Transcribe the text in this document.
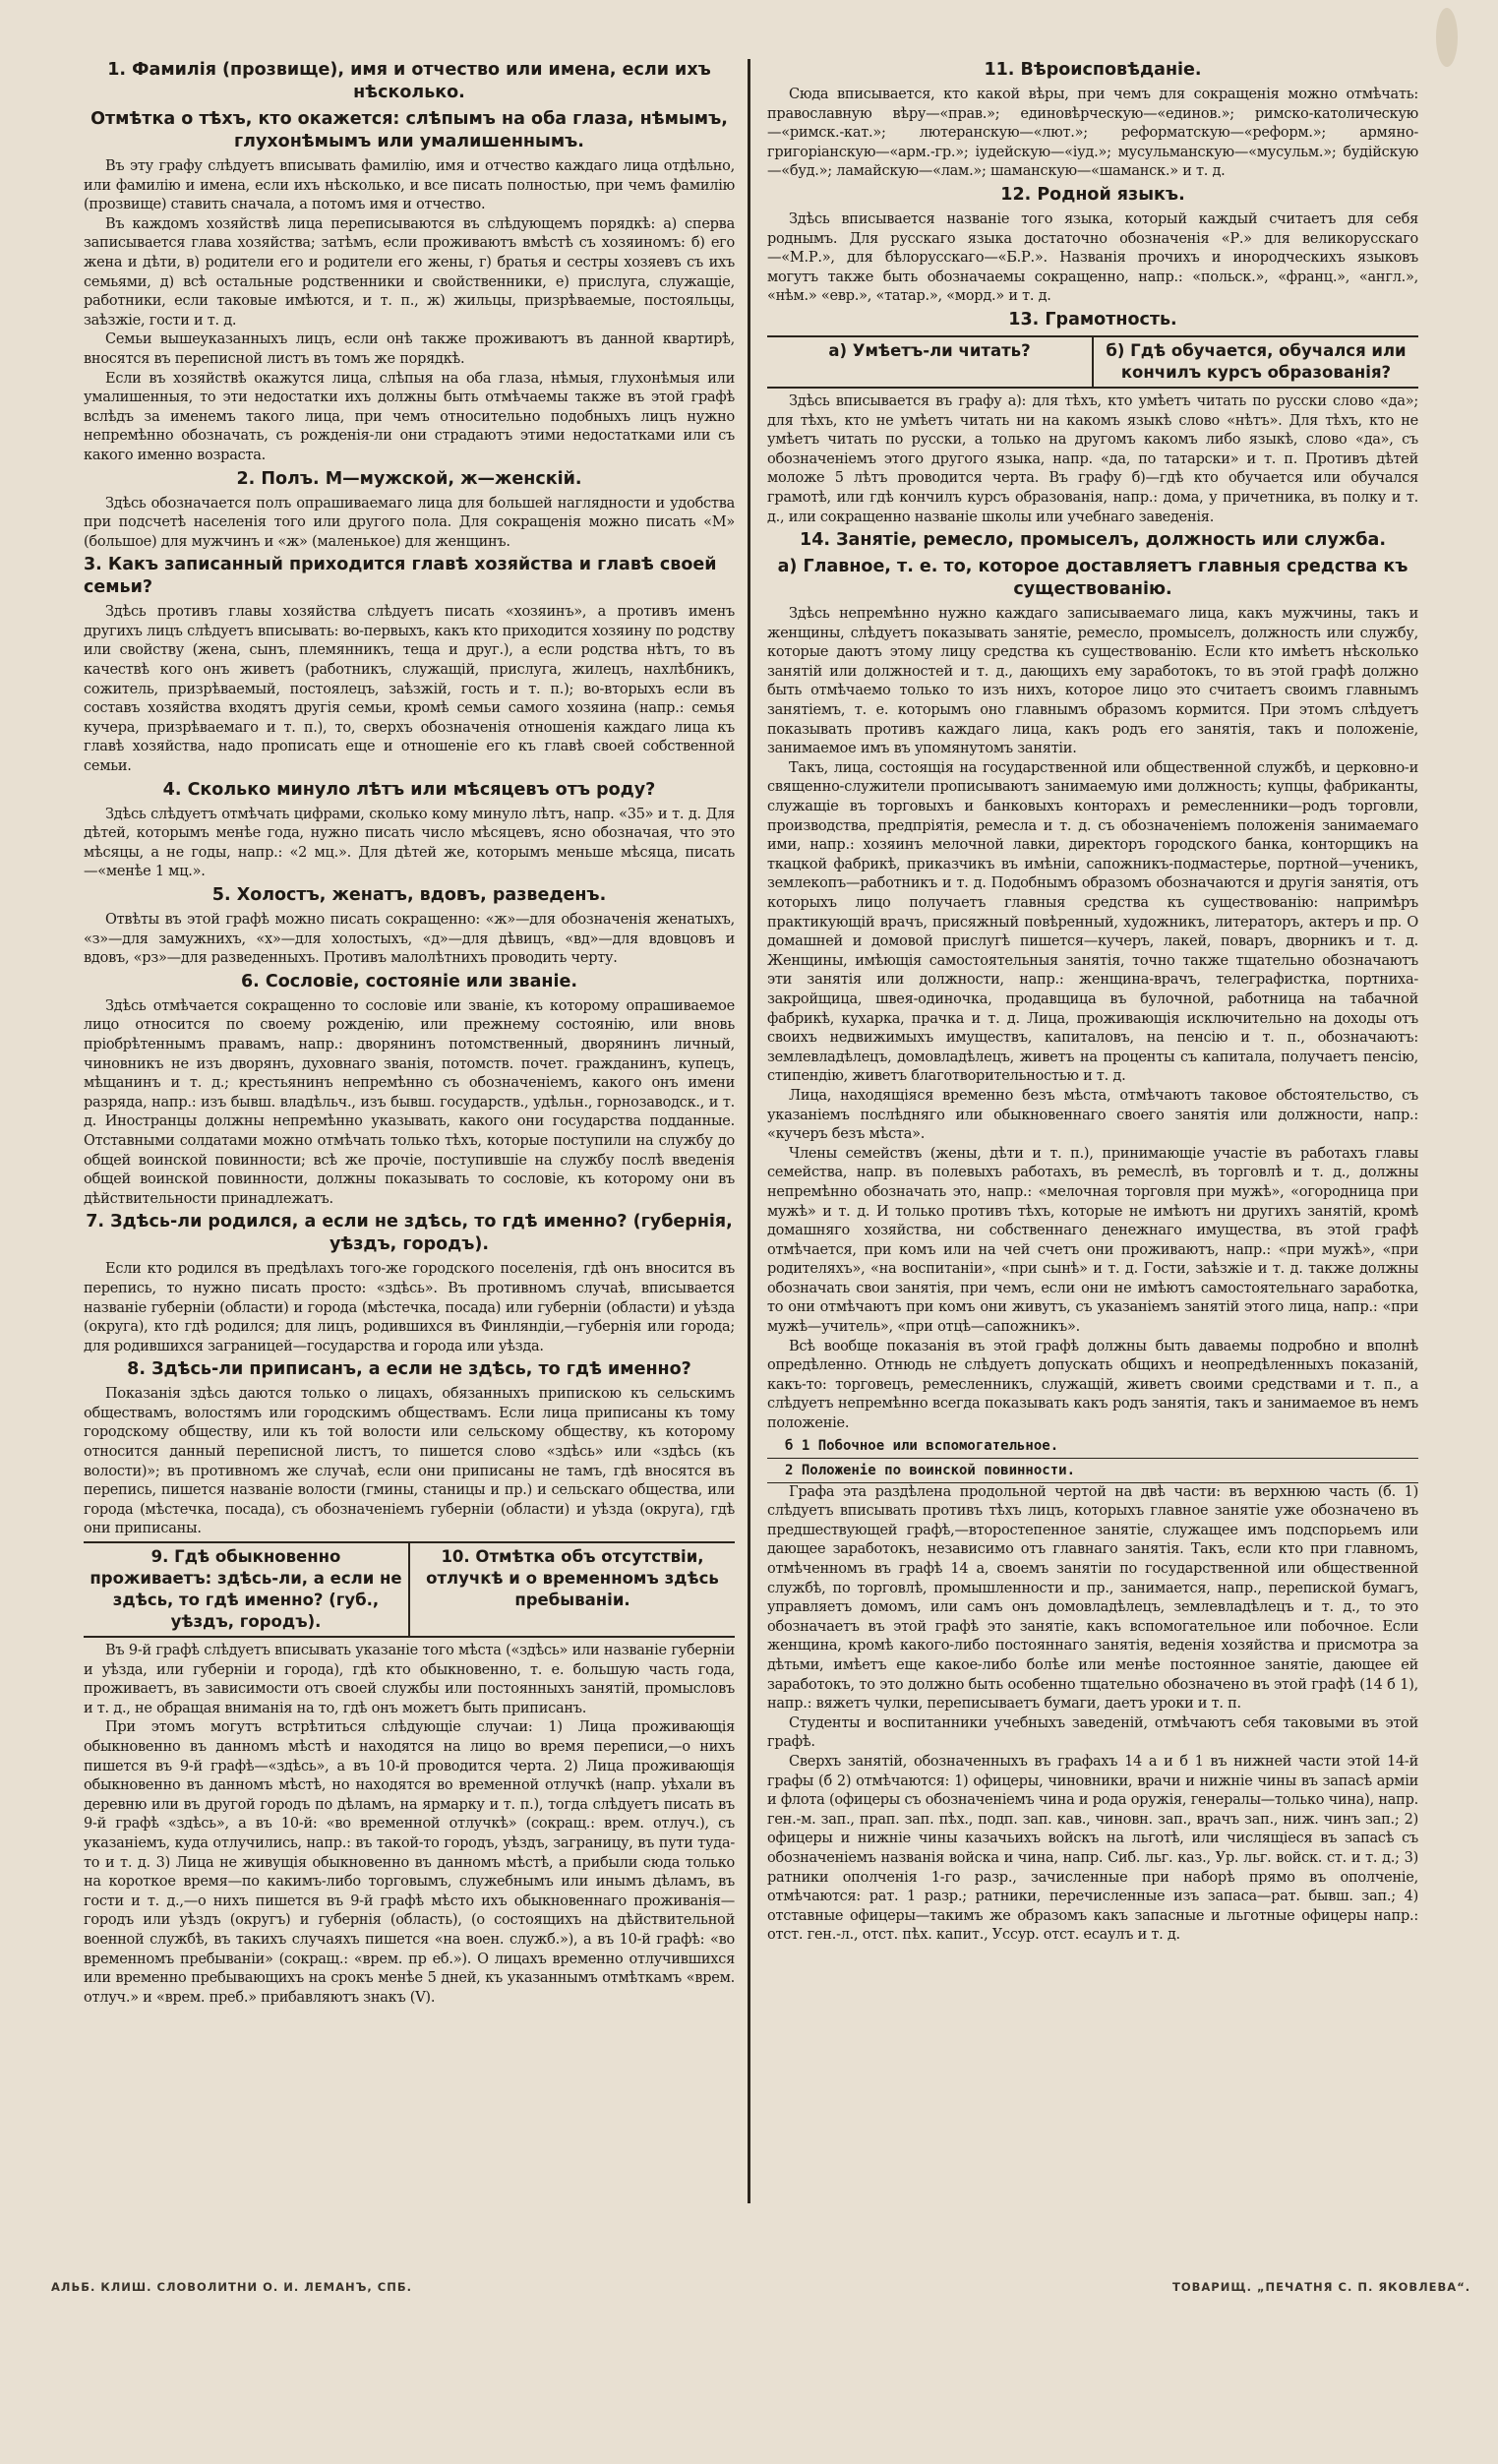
1. Фамилія (прозвище), имя и отчество или имена, если ихъ нѣсколько.
Отмѣтка о тѣхъ, кто окажется: слѣпымъ на оба глаза, нѣмымъ, глухонѣмымъ или умалишеннымъ.

Въ эту графу слѣдуетъ вписывать фамилію, имя и отчество каждаго лица отдѣльно, или фамилію и имена, если ихъ нѣсколько, и все писать полностью, при чемъ фамилію (прозвище) ставить сначала, а потомъ имя и отчество.

Въ каждомъ хозяйствѣ лица переписываются въ слѣдующемъ порядкѣ: а) сперва записывается глава хозяйства; затѣмъ, если проживаютъ вмѣстѣ съ хозяиномъ: б) его жена и дѣти, в) родители его и родители его жены, г) братья и сестры хозяевъ съ ихъ семьями, д) всѣ остальные родственники и свойственники, е) прислуга, служащіе, работники, если таковые имѣются, и т. п., ж) жильцы, призрѣваемые, постояльцы, заѣзжіе, гости и т. д.

Семьи вышеуказанныхъ лицъ, если онѣ также проживаютъ въ данной квартирѣ, вносятся въ переписной листъ въ томъ же порядкѣ.

Если въ хозяйствѣ окажутся лица, слѣпыя на оба глаза, нѣмыя, глухонѣмыя или умалишенныя, то эти недостатки ихъ должны быть отмѣчаемы также въ этой графѣ вслѣдъ за именемъ такого лица, при чемъ относительно подобныхъ лицъ нужно непремѣнно обозначать, съ рожденія-ли они страдаютъ этими недостатками или съ какого именно возраста.

2. Полъ. М—мужской, ж—женскій.

Здѣсь обозначается полъ опрашиваемаго лица для большей наглядности и удобства при подсчетѣ населенія того или другого пола. Для сокращенія можно писать «М» (большое) для мужчинъ и «ж» (маленькое) для женщинъ.

3. Какъ записанный приходится главѣ хозяйства и главѣ своей семьи?

Здѣсь противъ главы хозяйства слѣдуетъ писать «хозяинъ», а противъ именъ другихъ лицъ слѣдуетъ вписывать: во-первыхъ, какъ кто приходится хозяину по родству или свойству (жена, сынъ, племянникъ, теща и друг.), а если родства нѣтъ, то въ качествѣ кого онъ живетъ (работникъ, служащій, прислуга, жилецъ, нахлѣбникъ, сожитель, призрѣваемый, постоялецъ, заѣзжій, гость и т. п.); во-вторыхъ если въ составъ хозяйства входятъ другія семьи, кромѣ семьи самого хозяина (напр.: семья кучера, призрѣваемаго и т. п.), то, сверхъ обозначенія отношенія каждаго лица къ главѣ хозяйства, надо прописать еще и отношеніе его къ главѣ своей собственной семьи.

4. Сколько минуло лѣтъ или мѣсяцевъ отъ роду?

Здѣсь слѣдуетъ отмѣчать цифрами, сколько кому минуло лѣтъ, напр. «35» и т. д. Для дѣтей, которымъ менѣе года, нужно писать число мѣсяцевъ, ясно обозначая, что это мѣсяцы, а не годы, напр.: «2 мц.». Для дѣтей же, которымъ меньше мѣсяца, писать—«менѣе 1 мц.».

5. Холостъ, женатъ, вдовъ, разведенъ.

Отвѣты въ этой графѣ можно писать сокращенно: «ж»—для обозначенія женатыхъ, «з»—для замужнихъ, «х»—для холостыхъ, «д»—для дѣвицъ, «вд»—для вдовцовъ и вдовъ, «рз»—для разведенныхъ. Противъ малолѣтнихъ проводить черту.

6. Сословіе, состояніе или званіе.

Здѣсь отмѣчается сокращенно то сословіе или званіе, къ которому опрашиваемое лицо относится по своему рожденію, или прежнему состоянію, или вновь пріобрѣтеннымъ правамъ, напр.: дворянинъ потомственный, дворянинъ личный, чиновникъ не изъ дворянъ, духовнаго званія, потомств. почет. гражданинъ, купецъ, мѣщанинъ и т. д.; крестьянинъ непремѣнно съ обозначеніемъ, какого онъ имени разряда, напр.: изъ бывш. владѣльч., изъ бывш. государств., удѣльн., горнозаводск., и т. д. Иностранцы должны непремѣнно указывать, какого они государства подданные. Отставными солдатами можно отмѣчать только тѣхъ, которые поступили на службу до общей воинской повинности; всѣ же прочіе, поступившіе на службу послѣ введенія общей воинской повинности, должны показывать то сословіе, къ которому они въ дѣйствительности принадлежатъ.

7. Здѣсь-ли родился, а если не здѣсь, то гдѣ именно? (губернія, уѣздъ, городъ).

Если кто родился въ предѣлахъ того-же городского поселенія, гдѣ онъ вносится въ перепись, то нужно писать просто: «здѣсь». Въ противномъ случаѣ, вписывается названіе губерніи (области) и города (мѣстечка, посада) или губерніи (области) и уѣзда (округа), кто гдѣ родился; для лицъ, родившихся въ Финляндіи,—губернія или города; для родившихся заграницей—государства и города или уѣзда.

8. Здѣсь-ли приписанъ, а если не здѣсь, то гдѣ именно?

Показанія здѣсь даются только о лицахъ, обязанныхъ припискою къ сельскимъ обществамъ, волостямъ или городскимъ обществамъ. Если лица приписаны къ тому городскому обществу, или къ той волости или сельскому обществу, къ которому относится данный переписной листъ, то пишется слово «здѣсь» или «здѣсь (къ волости)»; въ противномъ же случаѣ, если они приписаны не тамъ, гдѣ вносятся въ перепись, пишется названіе волости (гмины, станицы и пр.) и сельскаго общества, или города (мѣстечка, посада), съ обозначеніемъ губерніи (области) и уѣзда (округа), гдѣ они приписаны.

9. Гдѣ обыкновенно проживаетъ: здѣсь-ли, а если не здѣсь, то гдѣ именно? (губ., уѣздъ, городъ).
10. Отмѣтка объ отсутствіи, отлучкѣ и о временномъ здѣсь пребываніи.

Въ 9-й графѣ слѣдуетъ вписывать указаніе того мѣста («здѣсь» или названіе губерніи и уѣзда, или губерніи и города), гдѣ кто обыкновенно, т. е. большую часть года, проживаетъ, въ зависимости отъ своей службы или постоянныхъ занятій, промысловъ и т. д., не обращая вниманія на то, гдѣ онъ можетъ быть приписанъ.

При этомъ могутъ встрѣтиться слѣдующіе случаи: 1) Лица проживающія обыкновенно въ данномъ мѣстѣ и находятся на лицо во время переписи,—о нихъ пишется въ 9-й графѣ—«здѣсь», а въ 10-й проводится черта. 2) Лица проживающія обыкновенно въ данномъ мѣстѣ, но находятся во временной отлучкѣ (напр. уѣхали въ деревню или въ другой городъ по дѣламъ, на ярмарку и т. п.), тогда слѣдуетъ писать въ 9-й графѣ «здѣсь», а въ 10-й: «во временной отлучкѣ» (сокращ.: врем. отлуч.), съ указаніемъ, куда отлучились, напр.: въ такой-то городъ, уѣздъ, заграницу, въ пути туда-то и т. д. 3) Лица не живущія обыкновенно въ данномъ мѣстѣ, а прибыли сюда только на короткое время—по какимъ-либо торговымъ, служебнымъ или инымъ дѣламъ, въ гости и т. д.,—о нихъ пишется въ 9-й графѣ мѣсто ихъ обыкновеннаго проживанія—городъ или уѣздъ (округъ) и губернія (область), (о состоящихъ на дѣйствительной военной службѣ, въ такихъ случаяхъ пишется «на воен. служб.»), а въ 10-й графѣ: «во временномъ пребываніи» (сокращ.: «врем. пр еб.»). О лицахъ временно отлучившихся или временно пребывающихъ на срокъ менѣе 5 дней, къ указаннымъ отмѣткамъ «врем. отлуч.» и «врем. преб.» прибавляютъ знакъ (V).

11. Вѣроисповѣданіе.

Сюда вписывается, кто какой вѣры, при чемъ для сокращенія можно отмѣчать: православную вѣру—«прав.»; единовѣрческую—«единов.»; римско-католическую—«римск.-кат.»; лютеранскую—«лют.»; реформатскую—«реформ.»; армяно-григоріанскую—«арм.-гр.»; іудейскую—«іуд.»; мусульманскую—«мусульм.»; будійскую—«буд.»; ламайскую—«лам.»; шаманскую—«шаманск.» и т. д.

12. Родной языкъ.

Здѣсь вписывается названіе того языка, который каждый считаетъ для себя роднымъ. Для русскаго языка достаточно обозначенія «Р.» для великорусскаго—«М.Р.», для бѣлорусскаго—«Б.Р.». Названія прочихъ и инородческихъ языковъ могутъ также быть обозначаемы сокращенно, напр.: «польск.», «франц.», «англ.», «нѣм.» «евр.», «татар.», «морд.» и т. д.

13. Грамотность.
а) Умѣетъ-ли читать?	б) Гдѣ обучается, обучался или кончилъ курсъ образованія?

Здѣсь вписывается въ графу а): для тѣхъ, кто умѣетъ читать по русски слово «да»; для тѣхъ, кто не умѣетъ читать ни на какомъ языкѣ слово «нѣтъ». Для тѣхъ, кто не умѣетъ читать по русски, а только на другомъ какомъ либо языкѣ, слово «да», съ обозначеніемъ этого другого языка, напр. «да, по татарски» и т. п. Противъ дѣтей моложе 5 лѣтъ проводится черта. Въ графу б)—гдѣ кто обучается или обучался грамотѣ, или гдѣ кончилъ курсъ образованія, напр.: дома, у причетника, въ полку и т. д., или сокращенно названіе школы или учебнаго заведенія.

14. Занятіе, ремесло, промыселъ, должность или служба.
а) Главное, т. е. то, которое доставляетъ главныя средства къ существованію.

Здѣсь непремѣнно нужно каждаго записываемаго лица, какъ мужчины, такъ и женщины, слѣдуетъ показывать занятіе, ремесло, промыселъ, должность или службу, которые даютъ этому лицу средства къ существованію. Если кто имѣетъ нѣсколько занятій или должностей и т. д., дающихъ ему заработокъ, то въ этой графѣ должно быть отмѣчаемо только то изъ нихъ, которое лицо это считаетъ своимъ главнымъ занятіемъ, т. е. которымъ оно главнымъ образомъ кормится. При этомъ слѣдуетъ показывать противъ каждаго лица, какъ родъ его занятія, такъ и положеніе, занимаемое имъ въ упомянутомъ занятіи.

Такъ, лица, состоящія на государственной или общественной службѣ, и церковно-и священно-служители прописываютъ занимаемую ими должность; купцы, фабриканты, служащіе въ торговыхъ и банковыхъ конторахъ и ремесленники—родъ торговли, производства, предпріятія, ремесла и т. д. съ обозначеніемъ положенія занимаемаго ими, напр.: хозяинъ мелочной лавки, директоръ городского банка, конторщикъ на ткацкой фабрикѣ, приказчикъ въ имѣніи, сапожникъ-подмастерье, портной—ученикъ, землекопъ—работникъ и т. д. Подобнымъ образомъ обозначаются и другія занятія, отъ которыхъ лицо получаетъ главныя средства къ существованію: напримѣръ практикующій врачъ, присяжный повѣренный, художникъ, литераторъ, актеръ и пр. О домашней и домовой прислугѣ пишется—кучеръ, лакей, поваръ, дворникъ и т. д. Женщины, имѣющія самостоятельныя занятія, точно также тщательно обозначаютъ эти занятія или должности, напр.: женщина-врачъ, телеграфистка, портниха-закройщица, швея-одиночка, продавщица въ булочной, работница на табачной фабрикѣ, кухарка, прачка и т. д. Лица, проживающія исключительно на доходы отъ своихъ недвижимыхъ имуществъ, капиталовъ, на пенсію и т. п., обозначаютъ: землевладѣлецъ, домовладѣлецъ, живетъ на проценты съ капитала, получаетъ пенсію, стипендію, живетъ благотворительностью и т. д.

Лица, находящіяся временно безъ мѣста, отмѣчаютъ таковое обстоятельство, съ указаніемъ послѣдняго или обыкновеннаго своего занятія или должности, напр.: «кучеръ безъ мѣста».

Члены семействъ (жены, дѣти и т. п.), принимающіе участіе въ работахъ главы семейства, напр. въ полевыхъ работахъ, въ ремеслѣ, въ торговлѣ и т. д., должны непремѣнно обозначать это, напр.: «мелочная торговля при мужѣ», «огородница при мужѣ» и т. д. И только противъ тѣхъ, которые не имѣютъ ни другихъ занятій, кромѣ домашняго хозяйства, ни собственнаго денежнаго имущества, въ этой графѣ отмѣчается, при комъ или на чей счетъ они проживаютъ, напр.: «при мужѣ», «при родителяхъ», «на воспитаніи», «при сынѣ» и т. д. Гости, заѣзжіе и т. д. также должны обозначать свои занятія, при чемъ, если они не имѣютъ самостоятельнаго заработка, то они отмѣчаютъ при комъ они живутъ, съ указаніемъ занятій этого лица, напр.: «при мужѣ—учитель», «при отцѣ—сапожникъ».

Всѣ вообще показанія въ этой графѣ должны быть даваемы подробно и вполнѣ опредѣленно. Отнюдь не слѣдуетъ допускать общихъ и неопредѣленныхъ показаній, какъ-то: торговецъ, ремесленникъ, служащій, живетъ своими средствами и т. п., а слѣдуетъ непремѣнно всегда показывать какъ родъ занятія, такъ и занимаемое въ немъ положеніе.

б 1 Побочное или вспомогательное.
2 Положеніе по воинской повинности.

Графа эта раздѣлена продольной чертой на двѣ части: въ верхнюю часть (б. 1) слѣдуетъ вписывать противъ тѣхъ лицъ, которыхъ главное занятіе уже обозначено въ предшествующей графѣ,—второстепенное занятіе, служащее имъ подспорьемъ или дающее заработокъ, независимо отъ главнаго занятія. Такъ, если кто при главномъ, отмѣченномъ въ графѣ 14 а, своемъ занятіи по государственной или общественной службѣ, по торговлѣ, промышленности и пр., занимается, напр., перепиской бумагъ, управляетъ домомъ, или самъ онъ домовладѣлецъ, землевладѣлецъ и т. д., то это обозначаетъ въ этой графѣ это занятіе, какъ вспомогательное или побочное. Если женщина, кромѣ какого-либо постояннаго занятія, веденія хозяйства и присмотра за дѣтьми, имѣетъ еще какое-либо болѣе или менѣе постоянное занятіе, дающее ей заработокъ, то это должно быть особенно тщательно обозначено въ этой графѣ (14 б 1), напр.: вяжетъ чулки, переписываетъ бумаги, даетъ уроки и т. п.

Студенты и воспитанники учебныхъ заведеній, отмѣчаютъ себя таковыми въ этой графѣ.

Сверхъ занятій, обозначенныхъ въ графахъ 14 а и б 1 въ нижней части этой 14-й графы (б 2) отмѣчаются: 1) офицеры, чиновники, врачи и нижніе чины въ запасѣ арміи и флота (офицеры съ обозначеніемъ чина и рода оружія, генералы—только чина), напр. ген.-м. зап., прап. зап. пѣх., подп. зап. кав., чиновн. зап., врачъ зап., ниж. чинъ зап.; 2) офицеры и нижніе чины казачьихъ войскъ на льготѣ, или числящіеся въ запасѣ съ обозначеніемъ названія войска и чина, напр. Сиб. льг. каз., Ур. льг. войск. ст. и т. д.; 3) ратники ополченія 1-го разр., зачисленные при наборѣ прямо въ ополченіе, отмѣчаются: рат. 1 разр.; ратники, перечисленные изъ запаса—рат. бывш. зап.; 4) отставные офицеры—такимъ же образомъ какъ запасные и льготные офицеры напр.: отст. ген.-л., отст. пѣх. капит., Уссур. отст. есаулъ и т. д.

АЛЬБ. КЛИШ. СЛОВОЛИТНИ О. И. ЛЕМАНЪ, СПБ.	ТОВАРИЩ. „ПЕЧАТНЯ С. П. ЯКОВЛЕВА“.
